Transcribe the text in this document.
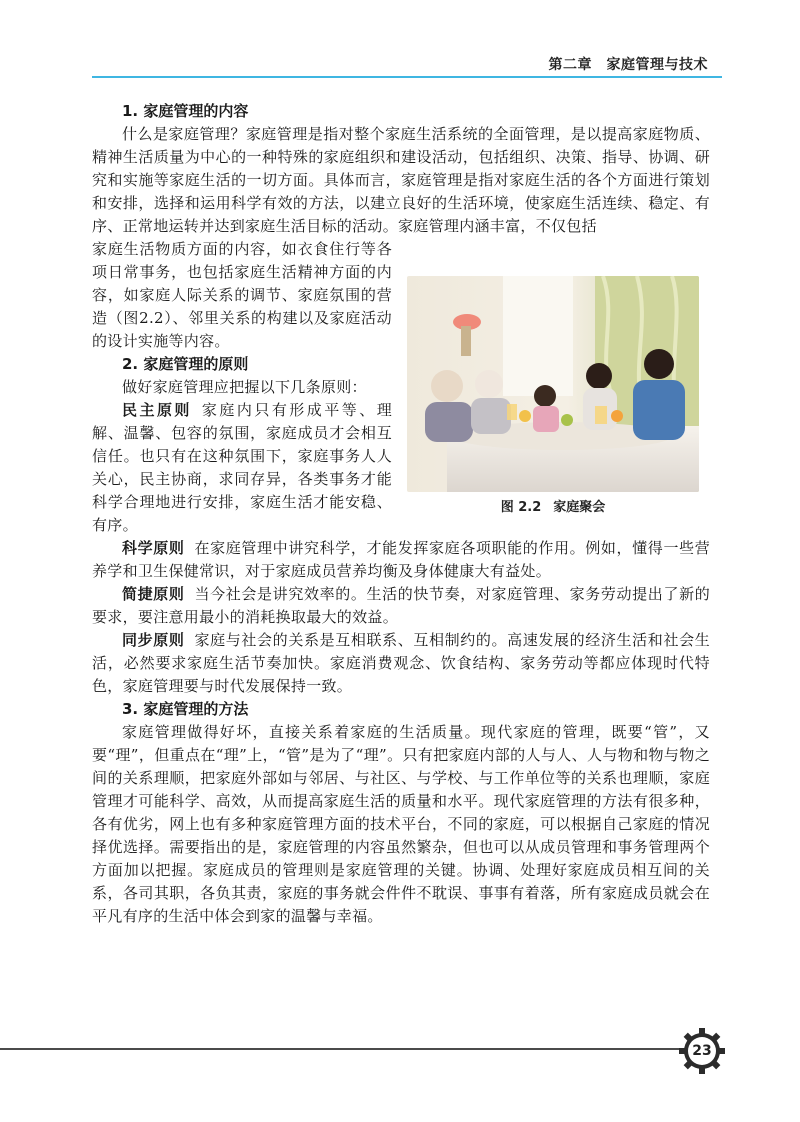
第二章　家庭管理与技术

1. 家庭管理的内容

什么是家庭管理？家庭管理是指对整个家庭生活系统的全面管理，是以提高家庭物质、精神生活质量为中心的一种特殊的家庭组织和建设活动，包括组织、决策、指导、协调、研究和实施等家庭生活的一切方面。具体而言，家庭管理是指对家庭生活的各个方面进行策划和安排，选择和运用科学有效的方法，以建立良好的生活环境，使家庭生活连续、稳定、有序、正常地运转并达到家庭生活目标的活动。家庭管理内涵丰富，不仅包括

家庭生活物质方面的内容，如衣食住行等各项日常事务，也包括家庭生活精神方面的内容，如家庭人际关系的调节、家庭氛围的营造（图2.2）、邻里关系的构建以及家庭活动的设计实施等内容。

2. 家庭管理的原则

做好家庭管理应把握以下几条原则：

民主原则 家庭内只有形成平等、理解、温馨、包容的氛围，家庭成员才会相互信任。也只有在这种氛围下，家庭事务人人关心，民主协商，求同存异，各类事务才能科学合理地进行安排，家庭生活才能安稳、有序。

科学原则 在家庭管理中讲究科学，才能发挥家庭各项职能的作用。例如，懂得一些营养学和卫生保健常识，对于家庭成员营养均衡及身体健康大有益处。

简捷原则 当今社会是讲究效率的。生活的快节奏，对家庭管理、家务劳动提出了新的要求，要注意用最小的消耗换取最大的效益。

同步原则 家庭与社会的关系是互相联系、互相制约的。高速发展的经济生活和社会生活，必然要求家庭生活节奏加快。家庭消费观念、饮食结构、家务劳动等都应体现时代特色，家庭管理要与时代发展保持一致。

3. 家庭管理的方法

家庭管理做得好坏，直接关系着家庭的生活质量。现代家庭的管理，既要“管”，又要“理”，但重点在“理”上，“管”是为了“理”。只有把家庭内部的人与人、人与物和物与物之间的关系理顺，把家庭外部如与邻居、与社区、与学校、与工作单位等的关系也理顺，家庭管理才可能科学、高效，从而提高家庭生活的质量和水平。现代家庭管理的方法有很多种，各有优劣，网上也有多种家庭管理方面的技术平台，不同的家庭，可以根据自己家庭的情况择优选择。需要指出的是，家庭管理的内容虽然繁杂，但也可以从成员管理和事务管理两个方面加以把握。家庭成员的管理则是家庭管理的关键。协调、处理好家庭成员相互间的关系，各司其职，各负其责，家庭的事务就会件件不耽误、事事有着落，所有家庭成员就会在平凡有序的生活中体会到家的温馨与幸福。

图 2.2 家庭聚会
23
